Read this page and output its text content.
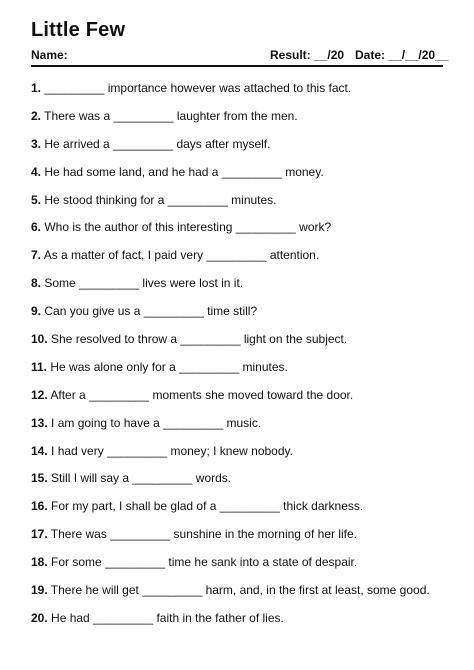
Little Few
Name:	Result: __/20 Date: __/__/20__
1. _________ importance however was attached to this fact.
2. There was a _________ laughter from the men.
3. He arrived a _________ days after myself.
4. He had some land, and he had a _________ money.
5. He stood thinking for a _________ minutes.
6. Who is the author of this interesting _________ work?
7. As a matter of fact, I paid very _________ attention.
8. Some _________ lives were lost in it.
9. Can you give us a _________ time still?
10. She resolved to throw a _________ light on the subject.
11. He was alone only for a _________ minutes.
12. After a _________ moments she moved toward the door.
13. I am going to have a _________ music.
14. I had very _________ money; I knew nobody.
15. Still I will say a _________ words.
16. For my part, I shall be glad of a _________ thick darkness.
17. There was _________ sunshine in the morning of her life.
18. For some _________ time he sank into a state of despair.
19. There he will get _________ harm, and, in the first at least, some good.
20. He had _________ faith in the father of lies.
